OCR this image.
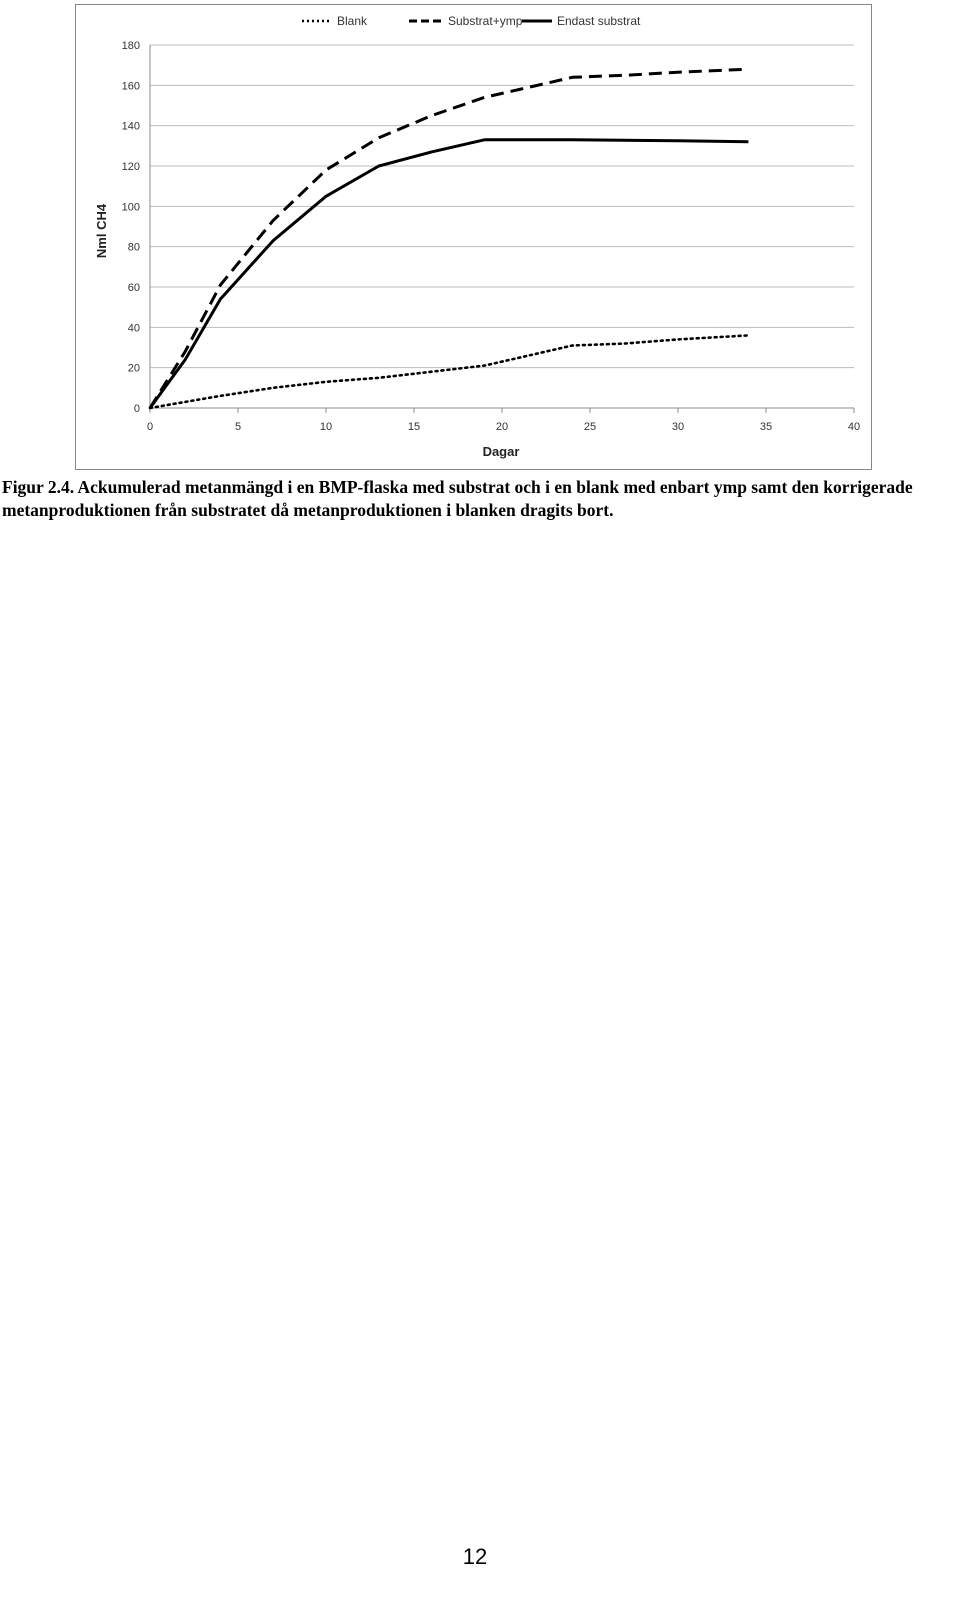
0
20
40
60
80
100
120
140
160
180
0	5	10	15	20	25	30	35	40
Blank	Substrat+ymp	Endast substrat
Dagar
Nml CH4

Figur 2.4. Ackumulerad metanmängd i en BMP-flaska med substrat och i en blank med enbart ymp samt den korrigerade metanproduktionen från substratet då metanproduktionen i blanken dragits bort.

12
